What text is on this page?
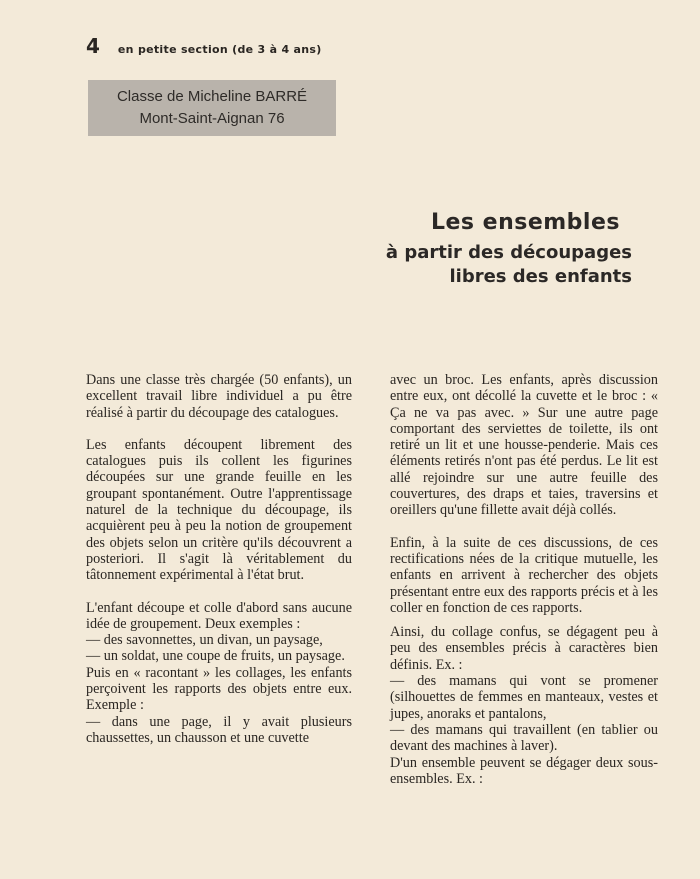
4 en petite section (de 3 à 4 ans)
Classe de Micheline BARRÉ
Mont-Saint-Aignan 76
Les ensembles
à partir des découpages
libres des enfants

Dans une classe très chargée (50 enfants), un excellent travail libre individuel a pu être réalisé à partir du découpage des catalogues.

Les enfants découpent librement des catalogues puis ils collent les figurines découpées sur une grande feuille en les groupant spontanément. Outre l'apprentissage naturel de la technique du découpage, ils acquièrent peu à peu la notion de groupement des objets selon un critère qu'ils découvrent a posteriori. Il s'agit là véritablement du tâtonnement expérimental à l'état brut.

L'enfant découpe et colle d'abord sans aucune idée de groupement. Deux exemples :

— des savonnettes, un divan, un paysage,

— un soldat, une coupe de fruits, un paysage.

Puis en « racontant » les collages, les enfants perçoivent les rapports des objets entre eux. Exemple :

— dans une page, il y avait plusieurs chaussettes, un chausson et une cuvette

avec un broc. Les enfants, après discussion entre eux, ont décollé la cuvette et le broc : « Ça ne va pas avec. » Sur une autre page comportant des serviettes de toilette, ils ont retiré un lit et une housse-penderie. Mais ces éléments retirés n'ont pas été perdus. Le lit est allé rejoindre sur une autre feuille des couvertures, des draps et taies, traversins et oreillers qu'une fillette avait déjà collés.

Enfin, à la suite de ces discussions, de ces rectifications nées de la critique mutuelle, les enfants en arrivent à rechercher des objets présentant entre eux des rapports précis et à les coller en fonction de ces rapports.

Ainsi, du collage confus, se dégagent peu à peu des ensembles précis à caractères bien définis. Ex. :

— des mamans qui vont se promener (silhouettes de femmes en manteaux, vestes et jupes, anoraks et pantalons,

— des mamans qui travaillent (en tablier ou devant des machines à laver).

D'un ensemble peuvent se dégager deux sous-ensembles. Ex. :
